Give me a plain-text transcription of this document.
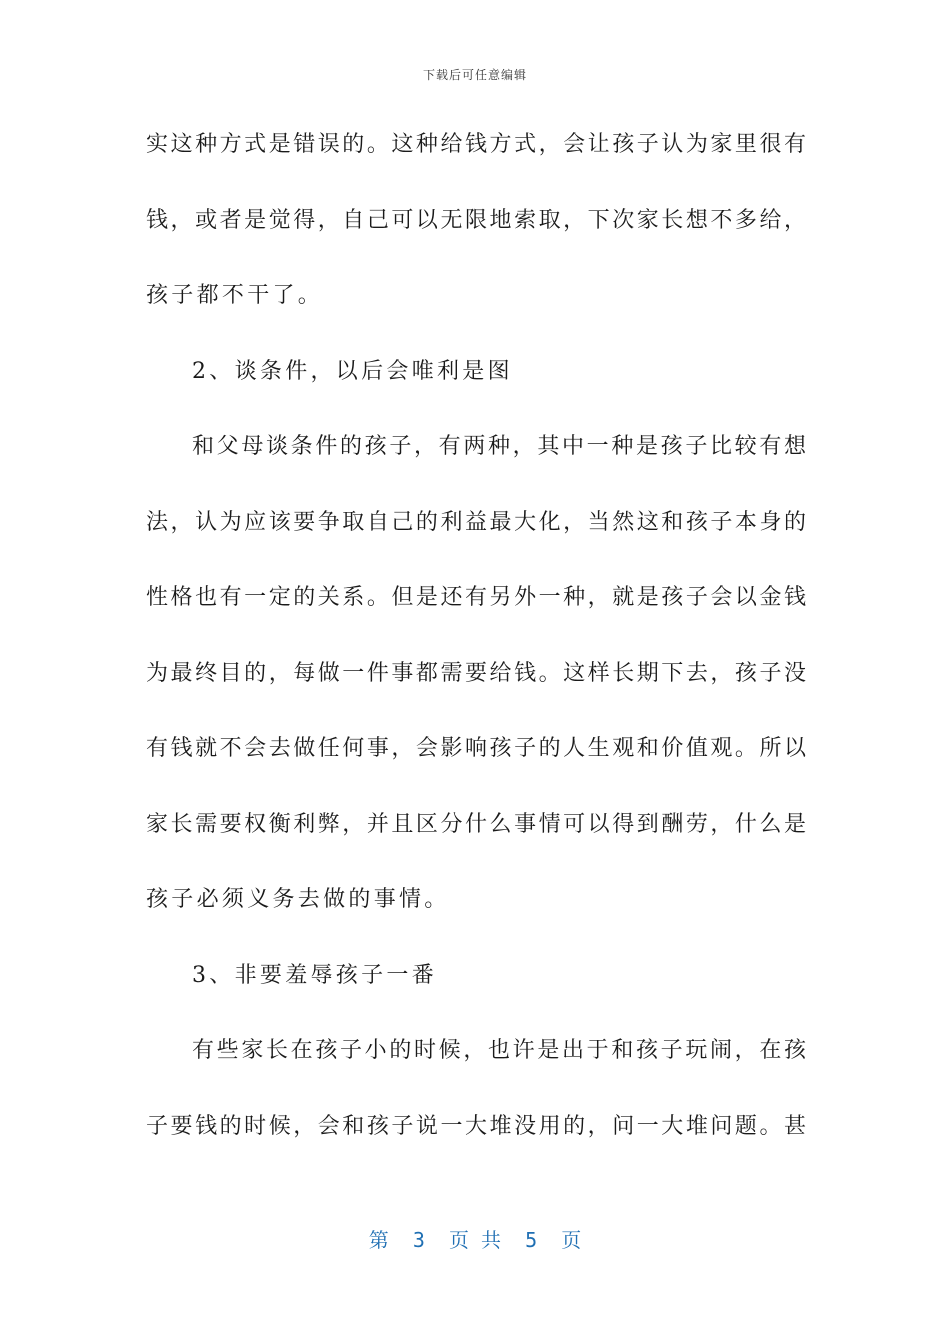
下载后可任意编辑
实这种方式是错误的。这种给钱方式，会让孩子认为家里很有
钱，或者是觉得，自己可以无限地索取，下次家长想不多给，
孩子都不干了。
2、谈条件，以后会唯利是图
和父母谈条件的孩子，有两种，其中一种是孩子比较有想
法，认为应该要争取自己的利益最大化，当然这和孩子本身的
性格也有一定的关系。但是还有另外一种，就是孩子会以金钱
为最终目的，每做一件事都需要给钱。这样长期下去，孩子没
有钱就不会去做任何事，会影响孩子的人生观和价值观。所以
家长需要权衡利弊，并且区分什么事情可以得到酬劳，什么是
孩子必须义务去做的事情。
3、非要羞辱孩子一番
有些家长在孩子小的时候，也许是出于和孩子玩闹，在孩
子要钱的时候，会和孩子说一大堆没用的，问一大堆问题。甚
第  3  页 共  5  页
